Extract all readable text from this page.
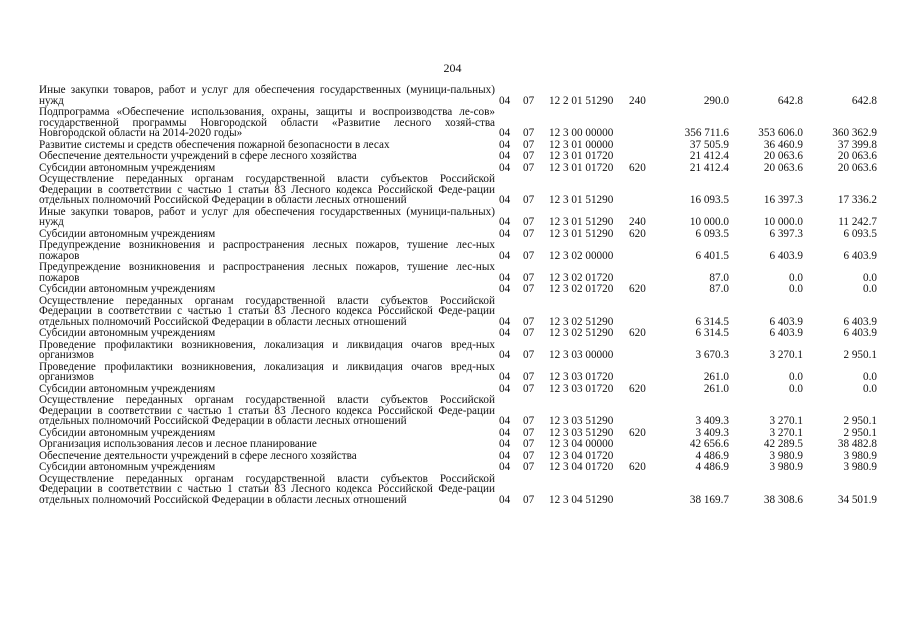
204
Иные закупки товаров, работ и услуг для обеспечения государственных (муници-пальных) нужд	04	07	12 2 01 51290	240	290.0	642.8	642.8
Подпрограмма «Обеспечение использования, охраны, защиты и воспроизводства ле-сов» государственной программы Новгородской области «Развитие лесного хозяй-ства Новгородской области на 2014-2020 годы»	04	07	12 3 00 00000		356 711.6	353 606.0	360 362.9
Развитие системы и средств обеспечения пожарной безопасности в лесах	04	07	12 3 01 00000		37 505.9	36 460.9	37 399.8
Обеспечение деятельности учреждений в сфере лесного хозяйства	04	07	12 3 01 01720		21 412.4	20 063.6	20 063.6
Субсидии автономным учреждениям	04	07	12 3 01 01720	620	21 412.4	20 063.6	20 063.6
Осуществление переданных органам государственной власти субъектов Российской Федерации в соответствии с частью 1 статьи 83 Лесного кодекса Российской Феде-рации отдельных полномочий Российской Федерации в области лесных отношений	04	07	12 3 01 51290		16 093.5	16 397.3	17 336.2
Иные закупки товаров, работ и услуг для обеспечения государственных (муници-пальных) нужд	04	07	12 3 01 51290	240	10 000.0	10 000.0	11 242.7
Субсидии автономным учреждениям	04	07	12 3 01 51290	620	6 093.5	6 397.3	6 093.5
Предупреждение возникновения и распространения лесных пожаров, тушение лес-ных пожаров	04	07	12 3 02 00000		6 401.5	6 403.9	6 403.9
Предупреждение возникновения и распространения лесных пожаров, тушение лес-ных пожаров	04	07	12 3 02 01720		87.0	0.0	0.0
Субсидии автономным учреждениям	04	07	12 3 02 01720	620	87.0	0.0	0.0
Осуществление переданных органам государственной власти субъектов Российской Федерации в соответствии с частью 1 статьи 83 Лесного кодекса Российской Феде-рации отдельных полномочий Российской Федерации в области лесных отношений	04	07	12 3 02 51290		6 314.5	6 403.9	6 403.9
Субсидии автономным учреждениям	04	07	12 3 02 51290	620	6 314.5	6 403.9	6 403.9
Проведение профилактики возникновения, локализация и ликвидация очагов вред-ных организмов	04	07	12 3 03 00000		3 670.3	3 270.1	2 950.1
Проведение профилактики возникновения, локализация и ликвидация очагов вред-ных организмов	04	07	12 3 03 01720		261.0	0.0	0.0
Субсидии автономным учреждениям	04	07	12 3 03 01720	620	261.0	0.0	0.0
Осуществление переданных органам государственной власти субъектов Российской Федерации в соответствии с частью 1 статьи 83 Лесного кодекса Российской Феде-рации отдельных полномочий Российской Федерации в области лесных отношений	04	07	12 3 03 51290		3 409.3	3 270.1	2 950.1
Субсидии автономным учреждениям	04	07	12 3 03 51290	620	3 409.3	3 270.1	2 950.1
Организация использования лесов и лесное планирование	04	07	12 3 04 00000		42 656.6	42 289.5	38 482.8
Обеспечение деятельности учреждений в сфере лесного хозяйства	04	07	12 3 04 01720		4 486.9	3 980.9	3 980.9
Субсидии автономным учреждениям	04	07	12 3 04 01720	620	4 486.9	3 980.9	3 980.9
Осуществление переданных органам государственной власти субъектов Российской Федерации в соответствии с частью 1 статьи 83 Лесного кодекса Российской Феде-рации отдельных полномочий Российской Федерации в области лесных отношений	04	07	12 3 04 51290		38 169.7	38 308.6	34 501.9
